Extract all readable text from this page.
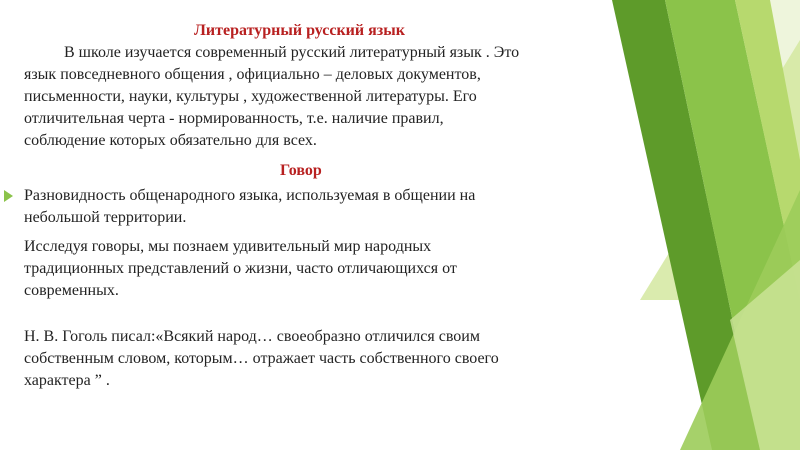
Литературный русский язык

В школе изучается современный русский литературный язык . Это
язык повседневного общения , официально – деловых документов,
письменности, науки, культуры , художественной литературы. Его
отличительная черта - нормированность, т.е. наличие правил,
соблюдение которых обязательно для всех.

Говор

Разновидность общенародного языка, используемая в общении на
небольшой территории.

Исследуя говоры, мы познаем удивительный мир народных
традиционных представлений о жизни, часто отличающихся от
современных.

Н. В. Гоголь писал:«Всякий народ… своеобразно отличился своим
собственным словом, которым… отражает часть собственного своего
характера ” .
